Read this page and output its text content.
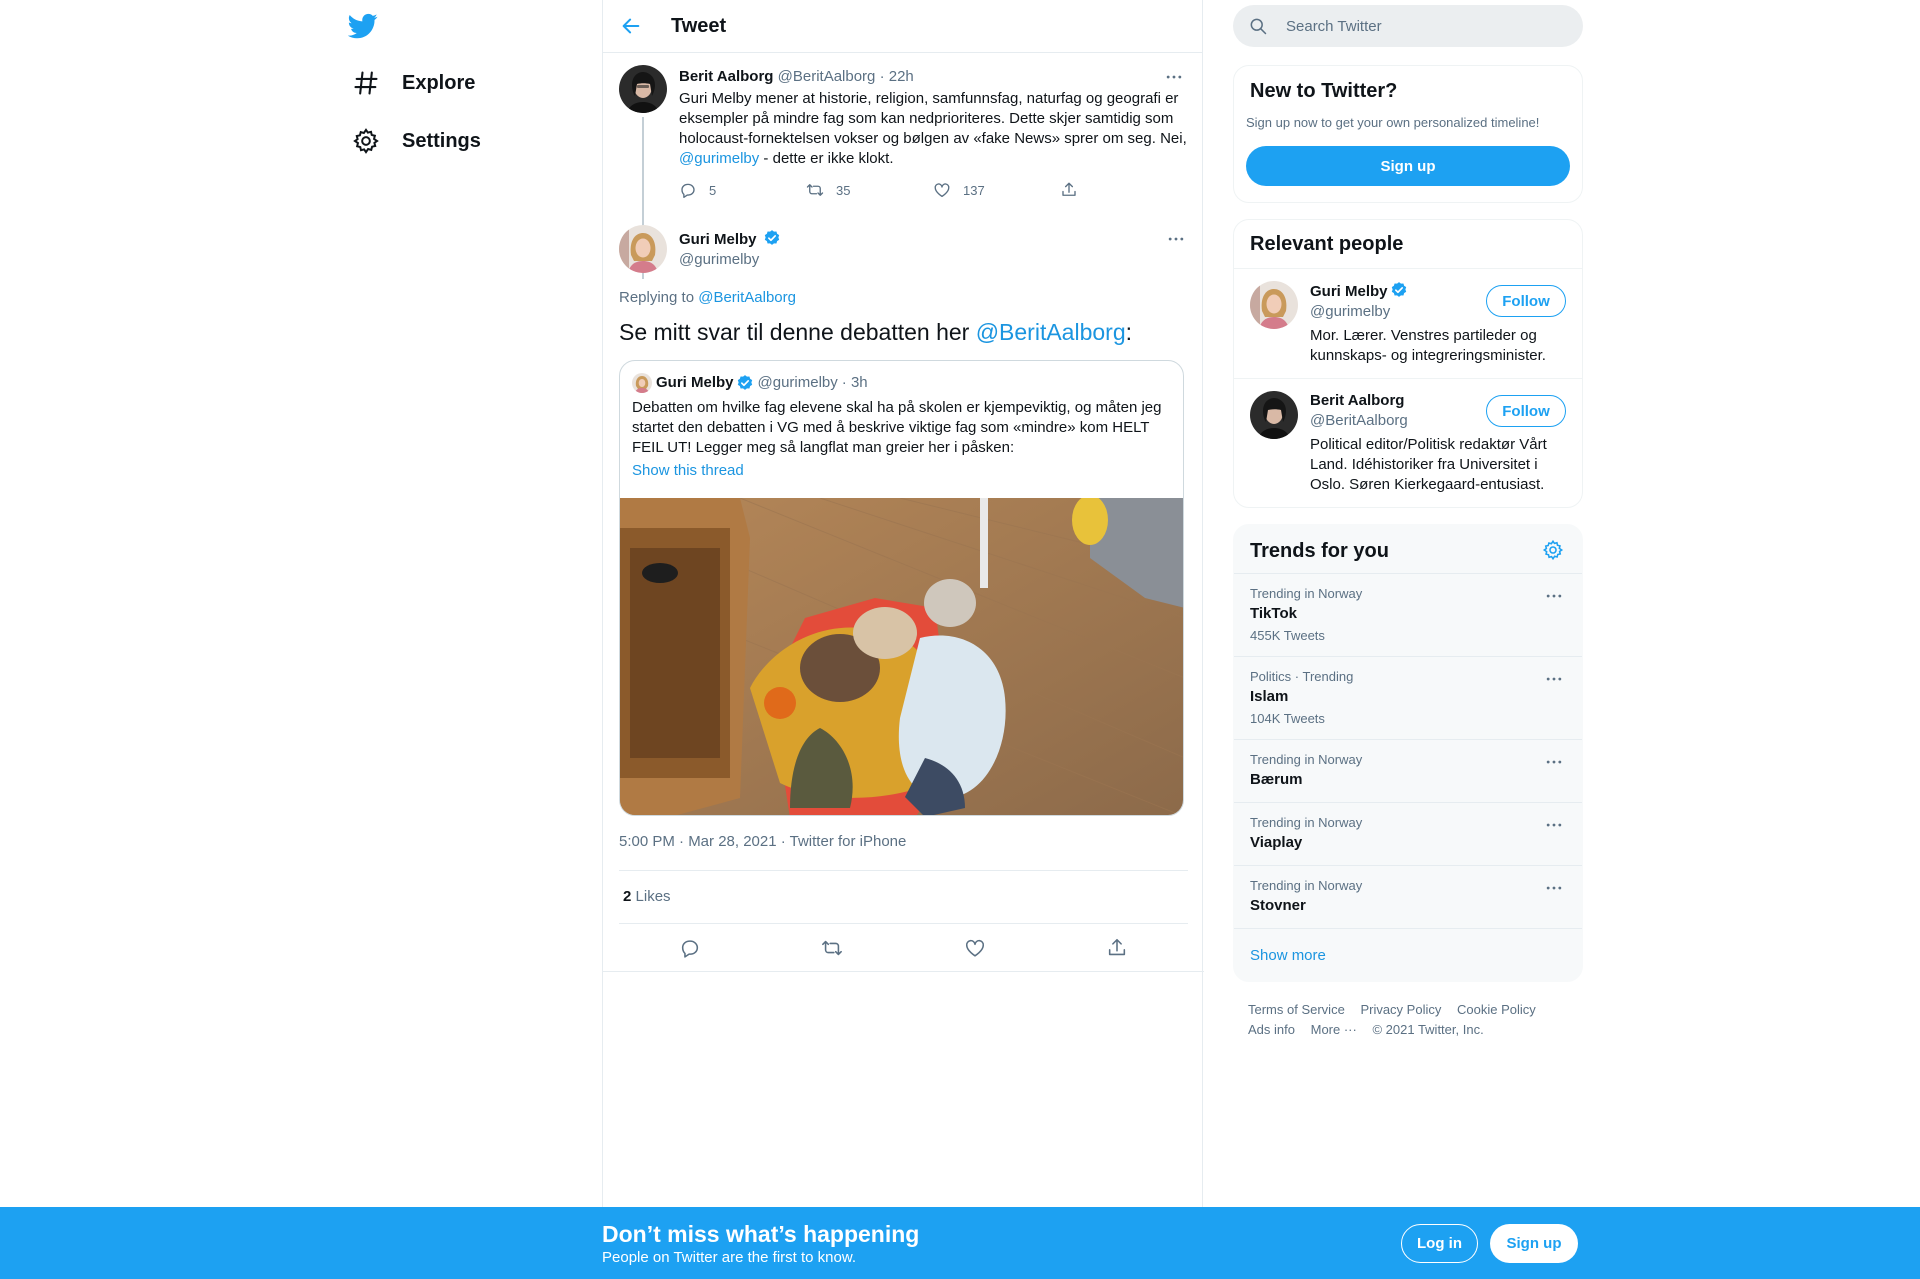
Explore
Settings
Tweet
Berit Aalborg @BeritAalborg · 22h
Guri Melby mener at historie, religion, samfunnsfag, naturfag og geografi er eksempler på mindre fag som kan nedprioriteres. Dette skjer samtidig som holocaust-fornektelsen vokser og bølgen av «fake News» sprer om seg. Nei, @gurimelby - dette er ikke klokt.
5	35	137
Guri Melby
@gurimelby
Replying to @BeritAalborg
Se mitt svar til denne debatten her @BeritAalborg:
Guri Melby @gurimelby · 3h
Debatten om hvilke fag elevene skal ha på skolen er kjempeviktig, og måten jeg startet den debatten i VG med å beskrive viktige fag som «mindre» kom HELT FEIL UT! Legger meg så langflat man greier her i påsken:
Show this thread
5:00 PM · Mar 28, 2021 · Twitter for iPhone
2 Likes
Search Twitter
New to Twitter?
Sign up now to get your own personalized timeline!
Sign up
Relevant people
Guri Melby
@gurimelby
Mor. Lærer. Venstres partileder og kunnskaps- og integreringsminister.
Follow
Berit Aalborg
@BeritAalborg
Political editor/Politisk redaktør Vårt Land. Idéhistoriker fra Universitet i Oslo. Søren Kierkegaard-entusiast.
Follow
Trends for you
Trending in Norway
TikTok
455K Tweets
Politics · Trending
Islam
104K Tweets
Trending in Norway
Bærum
Trending in Norway
Viaplay
Trending in Norway
Stovner
Show more
Terms of Service Privacy Policy Cookie Policy
Ads info More ··· © 2021 Twitter, Inc.
Don’t miss what’s happening
People on Twitter are the first to know.
Log in	Sign up
